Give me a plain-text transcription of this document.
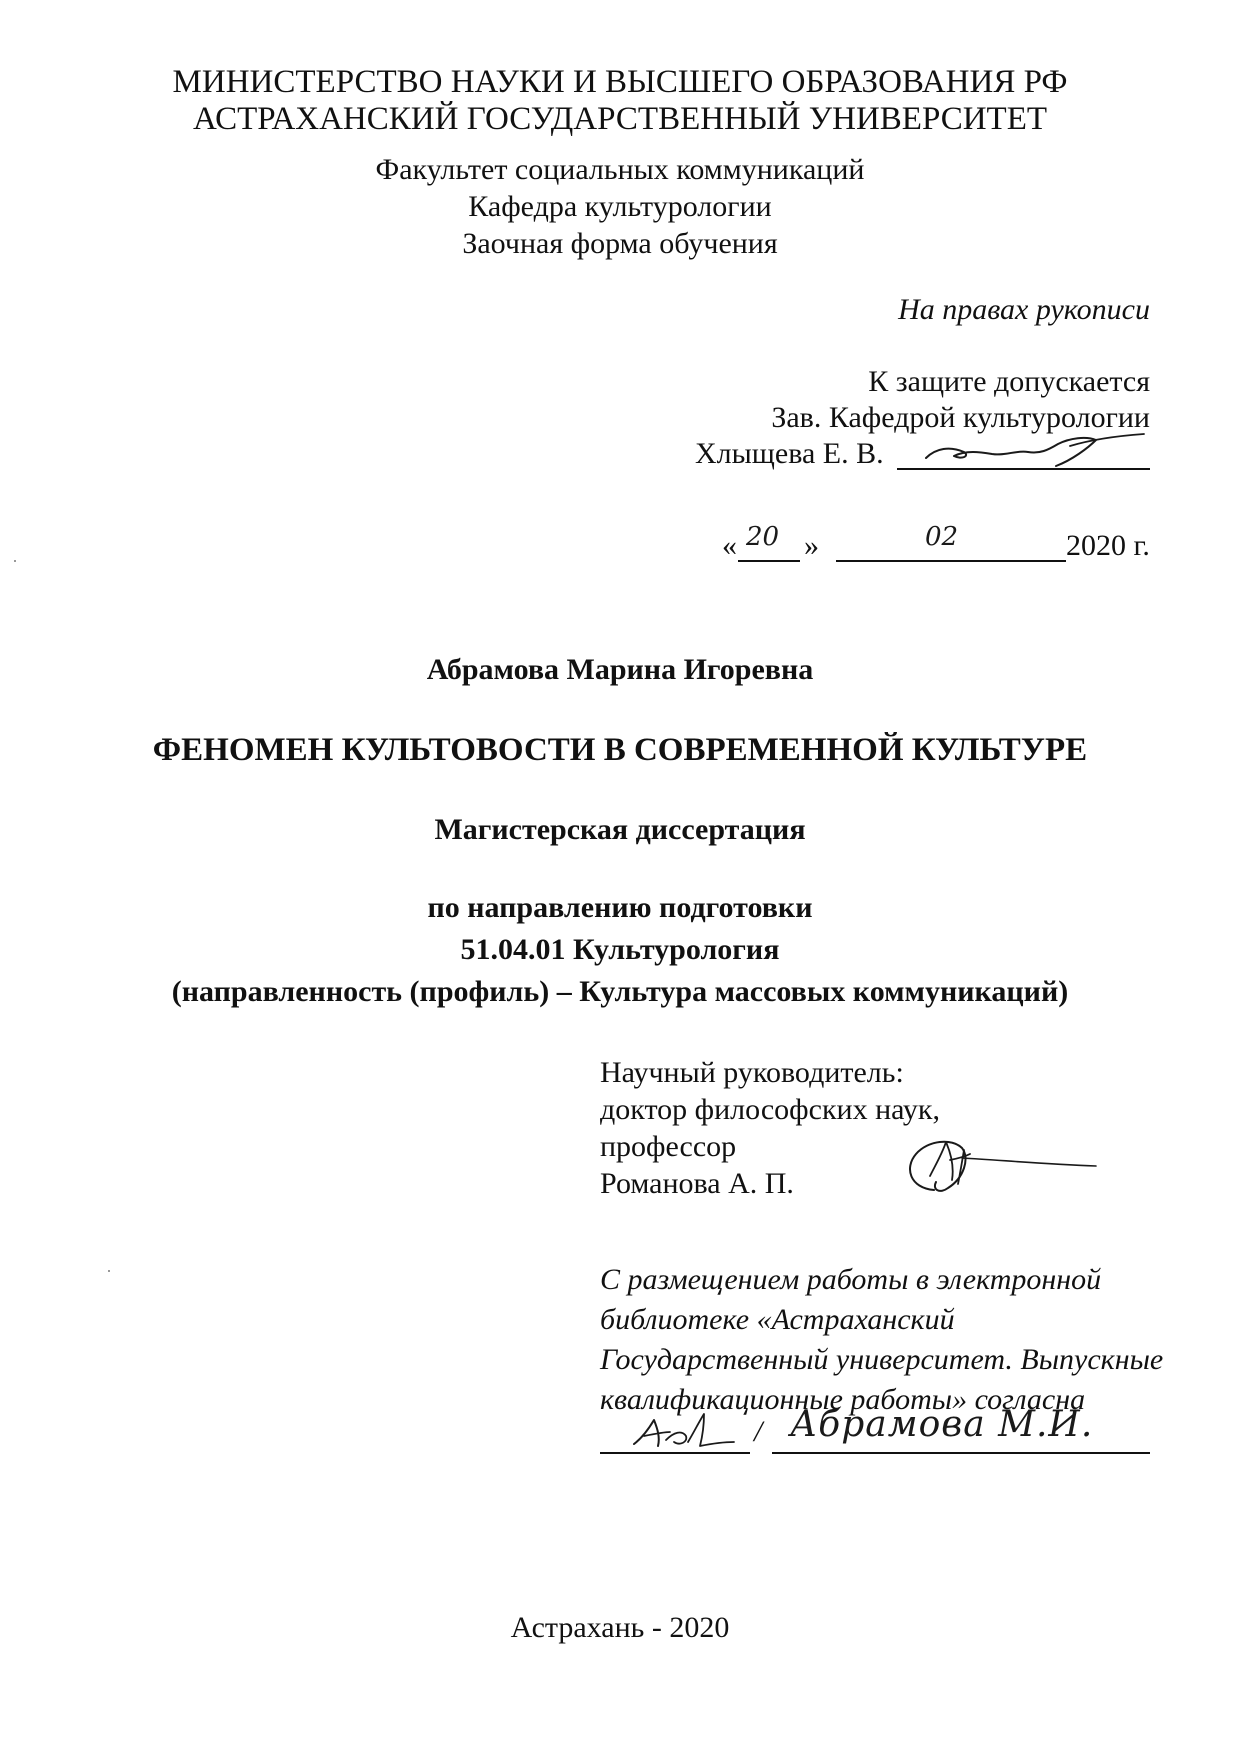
МИНИСТЕРСТВО НАУКИ И ВЫСШЕГО ОБРАЗОВАНИЯ РФ
АСТРАХАНСКИЙ ГОСУДАРСТВЕННЫЙ УНИВЕРСИТЕТ
Факультет социальных коммуникаций
Кафедра культурологии
Заочная форма обучения
На правах рукописи
К защите допускается
Зав. Кафедрой культурологии
Хлыщева Е. В.
« 20 »	02	2020 г.
Абрамова Марина Игоревна
ФЕНОМЕН КУЛЬТОВОСТИ В СОВРЕМЕННОЙ КУЛЬТУРЕ
Магистерская диссертация
по направлению подготовки
51.04.01 Культурология
(направленность (профиль) – Культура массовых коммуникаций)
Научный руководитель:
доктор философских наук,
профессор
Романова А. П.
С размещением работы в электронной
библиотеке «Астраханский
Государственный университет. Выпускные
квалификационные работы» согласна
/ Абрамова М.И.
Астрахань - 2020
